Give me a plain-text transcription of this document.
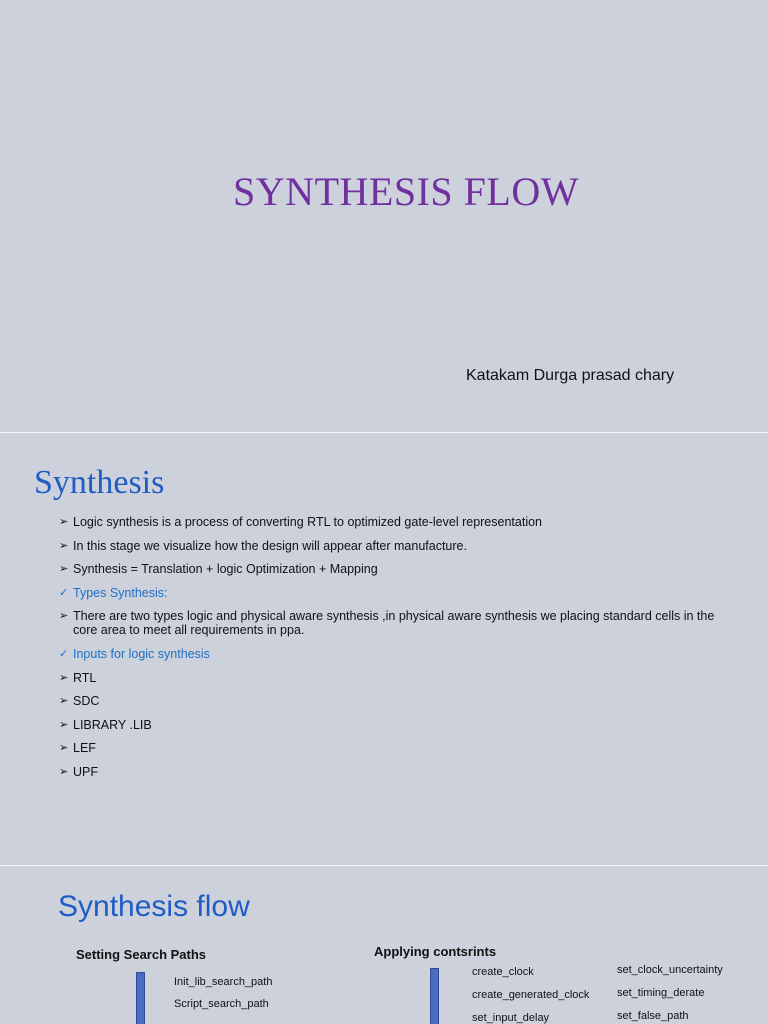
SYNTHESIS FLOW
Katakam Durga prasad chary
Synthesis
➢ Logic synthesis is a process of converting RTL to optimized gate-level representation
➢ In this stage we visualize how the design will appear after manufacture.
➢ Synthesis = Translation + logic Optimization + Mapping
✓ Types Synthesis:
➢ There are two types logic and physical aware synthesis ,in physical aware synthesis we placing standard cells in the core area to meet all requirements in ppa.
✓ Inputs for logic synthesis
➢ RTL
➢ SDC
➢ LIBRARY .LIB
➢ LEF
➢ UPF
Synthesis flow
Setting Search Paths
Init_lib_search_path
Script_search_path
Applying contsrints
create_clock
create_generated_clock
set_input_delay
set_clock_uncertainty
set_timing_derate
set_false_path
